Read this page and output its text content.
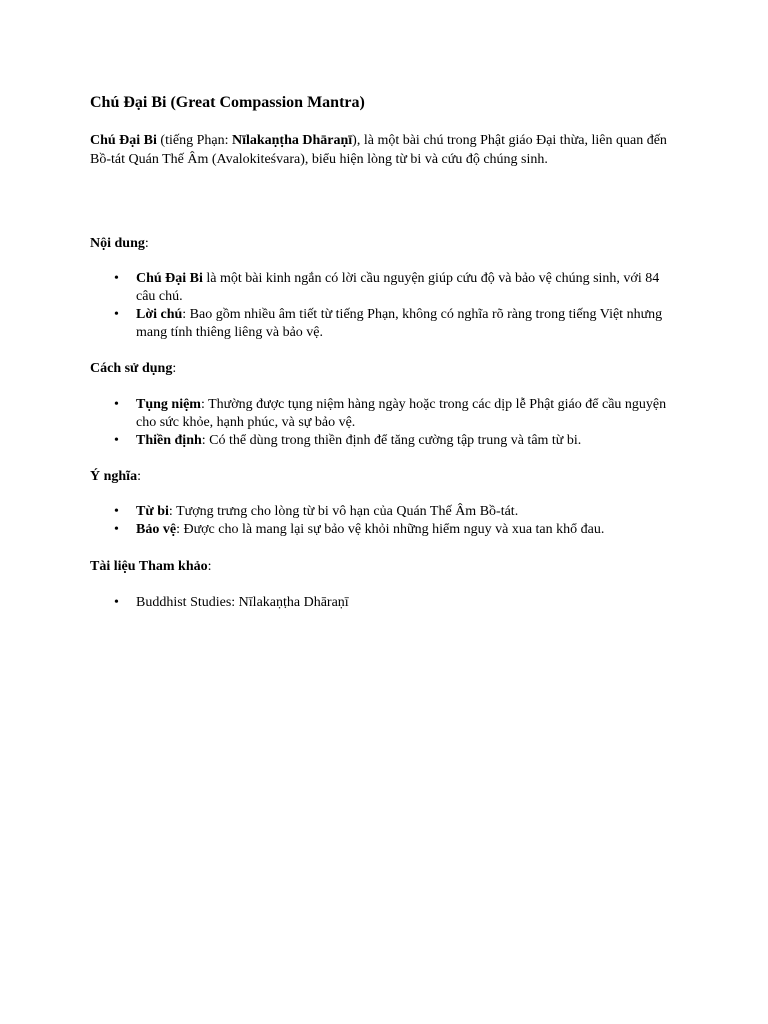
Chú Đại Bi (Great Compassion Mantra)

Chú Đại Bi (tiếng Phạn: Nīlakaṇṭha Dhāraṇī), là một bài chú trong Phật giáo Đại thừa, liên quan đến Bồ-tát Quán Thế Âm (Avalokiteśvara), biểu hiện lòng từ bi và cứu độ chúng sinh.

Nội dung:
• Chú Đại Bi là một bài kinh ngắn có lời cầu nguyện giúp cứu độ và bảo vệ chúng sinh, với 84 câu chú.
• Lời chú: Bao gồm nhiều âm tiết từ tiếng Phạn, không có nghĩa rõ ràng trong tiếng Việt nhưng mang tính thiêng liêng và bảo vệ.
Cách sử dụng:
• Tụng niệm: Thường được tụng niệm hàng ngày hoặc trong các dịp lễ Phật giáo để cầu nguyện cho sức khỏe, hạnh phúc, và sự bảo vệ.
• Thiền định: Có thể dùng trong thiền định để tăng cường tập trung và tâm từ bi.
Ý nghĩa:
• Từ bi: Tượng trưng cho lòng từ bi vô hạn của Quán Thế Âm Bồ-tát.
• Bảo vệ: Được cho là mang lại sự bảo vệ khỏi những hiểm nguy và xua tan khổ đau.
Tài liệu Tham khảo:
• Buddhist Studies: Nīlakaṇṭha Dhāraṇī
